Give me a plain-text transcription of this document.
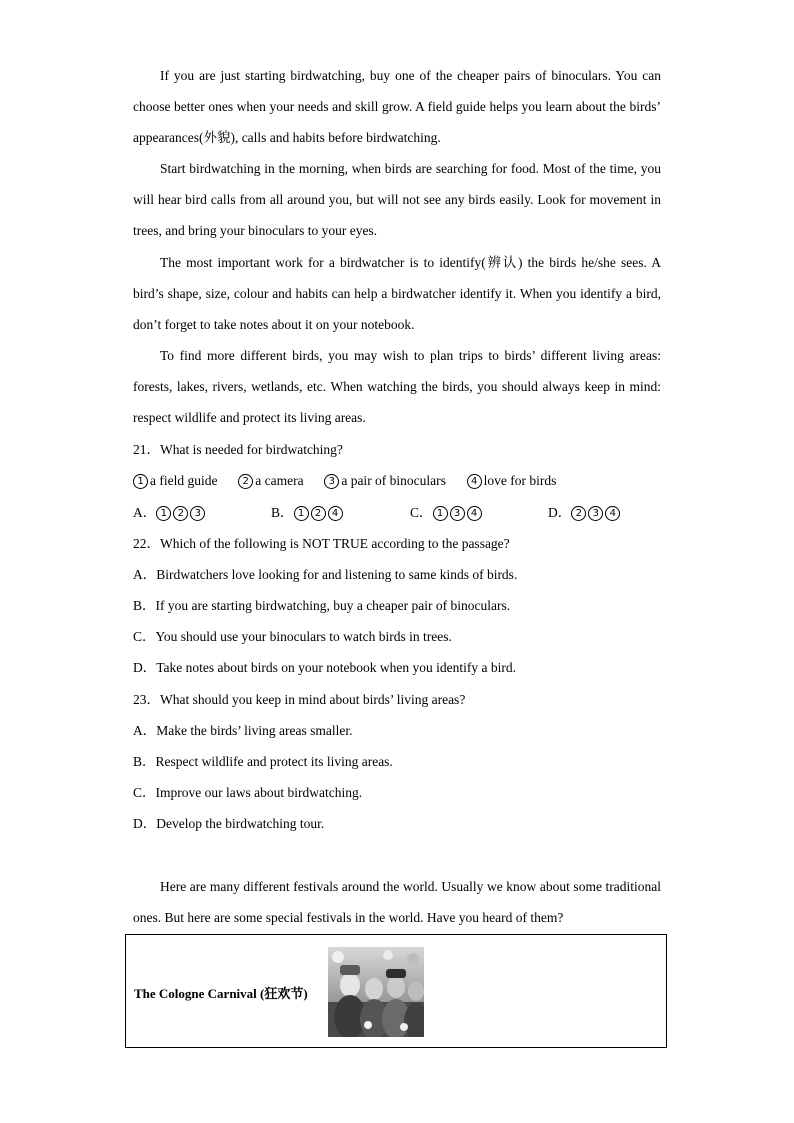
If you are just starting birdwatching, buy one of the cheaper pairs of binoculars. You can choose better ones when your needs and skill grow. A field guide helps you learn about the birds’ appearances(外貌), calls and habits before birdwatching.

Start birdwatching in the morning, when birds are searching for food. Most of the time, you will hear bird calls from all around you, but will not see any birds easily. Look for movement in trees, and bring your binoculars to your eyes.

The most important work for a birdwatcher is to identify(辨认) the birds he/she sees. A bird’s shape, size, colour and habits can help a birdwatcher identify it. When you identify a bird, don’t forget to take notes about it on your notebook.

To find more different birds, you may wish to plan trips to birds’ different living areas: forests, lakes, rivers, wetlands, etc. When watching the birds, you should always keep in mind: respect wildlife and protect its living areas.

21．What is needed for birdwatching?

1 a field guide	2 a camera	3 a pair of binoculars	4 love for birds
A． 1 2 3	B． 1 2 4	C． 1 3 4	D． 2 3 4

22．Which of the following is NOT TRUE according to the passage?

A．Birdwatchers love looking for and listening to same kinds of birds.

B．If you are starting birdwatching, buy a cheaper pair of binoculars.

C．You should use your binoculars to watch birds in trees.

D．Take notes about birds on your notebook when you identify a bird.

23．What should you keep in mind about birds’ living areas?

A．Make the birds’ living areas smaller.

B．Respect wildlife and protect its living areas.

C．Improve our laws about birdwatching.

D．Develop the birdwatching tour.

Here are many different festivals around the world. Usually we know about some traditional ones. But here are some special festivals in the world. Have you heard of them?

The Cologne Carnival (狂欢节)
